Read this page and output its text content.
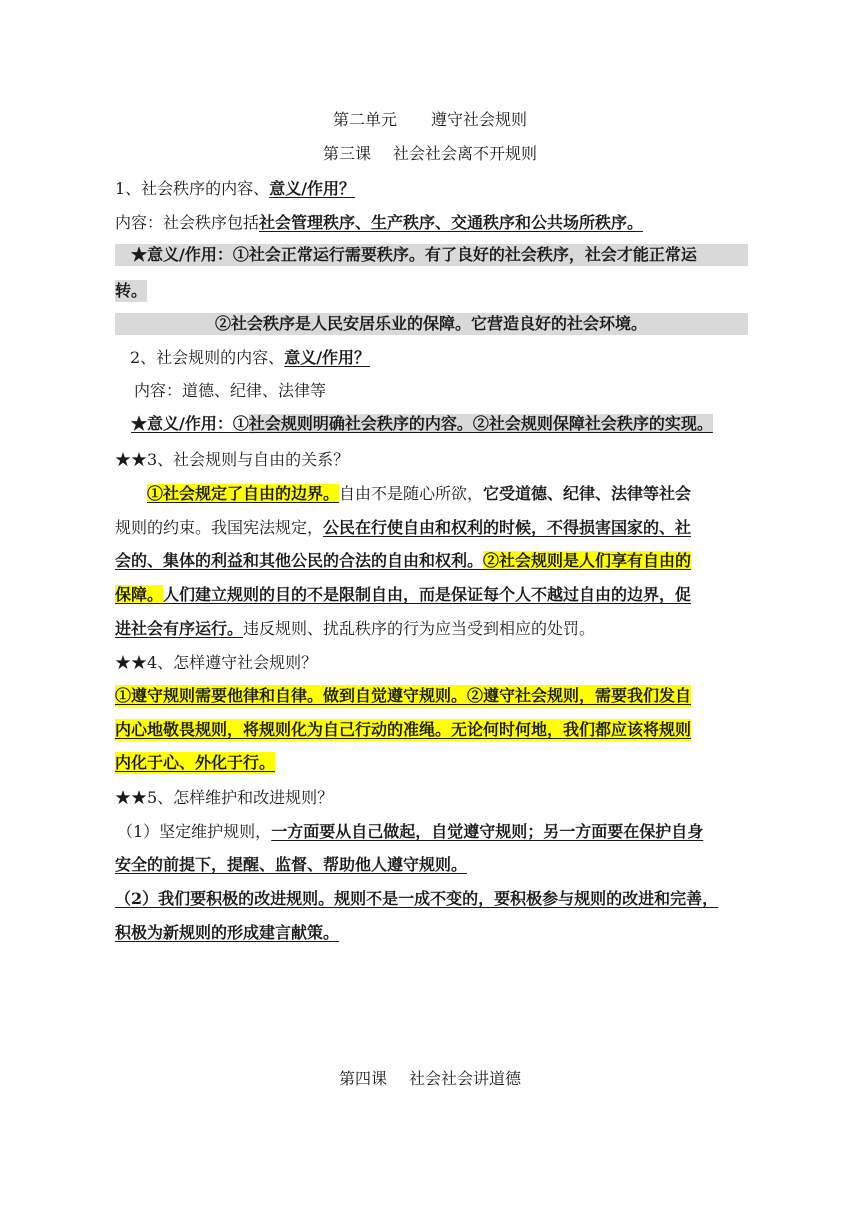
第二单元 遵守社会规则
第三课 社会社会离不开规则
1、社会秩序的内容、意义/作用？
内容：社会秩序包括社会管理秩序、生产秩序、交通秩序和公共场所秩序。
★意义/作用：①社会正常运行需要秩序。有了良好的社会秩序，社会才能正常运
转。
②社会秩序是人民安居乐业的保障。它营造良好的社会环境。
2、社会规则的内容、意义/作用？
内容：道德、纪律、法律等
★意义/作用：①社会规则明确社会秩序的内容。②社会规则保障社会秩序的实现。
★★3、社会规则与自由的关系？
①社会规定了自由的边界。自由不是随心所欲，它受道德、纪律、法律等社会
规则的约束。我国宪法规定，公民在行使自由和权利的时候，不得损害国家的、社
会的、集体的利益和其他公民的合法的自由和权利。②社会规则是人们享有自由的
保障。人们建立规则的目的不是限制自由，而是保证每个人不越过自由的边界，促
进社会有序运行。违反规则、扰乱秩序的行为应当受到相应的处罚。
★★4、怎样遵守社会规则？
①遵守规则需要他律和自律。做到自觉遵守规则。②遵守社会规则，需要我们发自
内心地敬畏规则，将规则化为自己行动的准绳。无论何时何地，我们都应该将规则
内化于心、外化于行。
★★5、怎样维护和改进规则？
（1）坚定维护规则，一方面要从自己做起，自觉遵守规则；另一方面要在保护自身
安全的前提下，提醒、监督、帮助他人遵守规则。
（2）我们要积极的改进规则。规则不是一成不变的，要积极参与规则的改进和完善，
积极为新规则的形成建言献策。
第四课 社会社会讲道德
